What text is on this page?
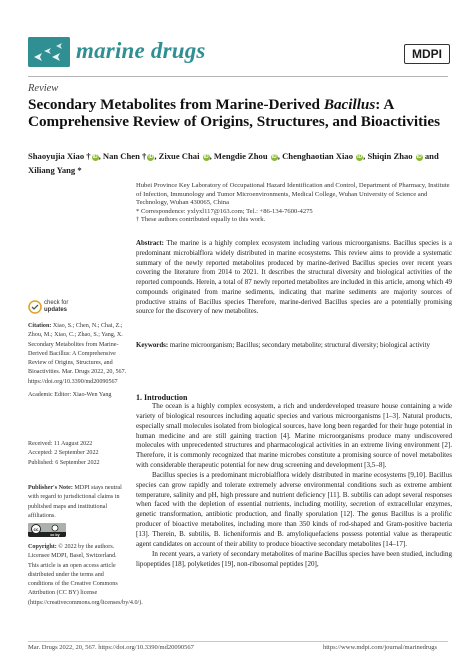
marine drugs	MDPI
Review
Secondary Metabolites from Marine-Derived Bacillus: A Comprehensive Review of Origins, Structures, and Bioactivities
Shaoyujia Xiao † iD, Nan Chen † iD, Zixue Chai iD, Mengdie Zhou iD, Chenghaotian Xiao iD, Shiqin Zhao iD and Xiliang Yang *

Hubei Province Key Laboratory of Occupational Hazard Identification and Control, Department of Pharmacy, Institute of Infection, Immunology and Tumor Microenvironments, Medical College, Wuhan University of Science and Technology, Wuhan 430065, China

* Correspondence: yxlyxl117@163.com; Tel.: +86-134-7600-4275

† These authors contributed equally to this work.

Abstract: The marine is a highly complex ecosystem including various microorganisms. Bacillus species is a predominant microbialflora widely distributed in marine ecosystems. This review aims to provide a systematic summary of the newly reported metabolites produced by marine-derived Bacillus species over recent years covering the literature from 2014 to 2021. It describes the structural diversity and biological activities of the reported compounds. Herein, a total of 87 newly reported metabolites are included in this article, among which 49 compounds originated from marine sediments, indicating that marine sediments are majority sources of productive strains of Bacillus species Therefore, marine-derived Bacillus species are a potentially promising source for the discovery of new metabolites.
Keywords: marine microorganism; Bacillus; secondary metabolite; structural diversity; biological activity
1. Introduction

The ocean is a highly complex ecosystem, a rich and underdeveloped treasure house containing a wide variety of biological resources including aquatic species and various microorganisms [1–3]. Natural products, especially small molecules isolated from biological sources, have long been regarded for their huge potential in human medicine and are still gaining traction [4]. Marine microorganisms produce many undiscovered molecules with unprecedented structures and pharmacological activities in an extreme living environment [2]. Therefore, it is commonly recognized that marine microbes constitute a promising source of novel metabolites with considerable therapeutic potential for new drug screening and development [3,5–8].

Bacillus species is a predominant microbialflora widely distributed in marine ecosystems [9,10]. Bacillus species can grow rapidly and tolerate extremely adverse environmental conditions such as extreme ambient temperature, salinity and pH, high pressure and nutrient deficiency [11]. B. subtilis can adopt several responses when faced with the depletion of essential nutrients, including motility, secretion of extracellular enzymes, genetic transformation, antibiotic production, and finally sporulation [12]. The genus Bacillus is a prolific producer of bioactive metabolites, including more than 350 kinds of rod-shaped and Gram-positive bacteria [13]. Therein, B. subtilis, B. licheniformis and B. amyloliquefaciens possess potential value as therapeutic agent candidates on account of their ability to produce bioactive secondary metabolites [14–17].

In recent years, a variety of secondary metabolites of marine Bacillus species have been studied, including lipopeptides [18], polyketides [19], non-ribosomal peptides [20],

check for
updates
Citation: Xiao, S.; Chen, N.; Chai, Z.; Zhou, M.; Xiao, C.; Zhao, S.; Yang, X. Secondary Metabolites from Marine-Derived Bacillus: A Comprehensive Review of Origins, Structures, and Bioactivities. Mar. Drugs 2022, 20, 567. https://doi.org/10.3390/md20090567
Academic Editor: Xiao-Wen Yang
Received: 11 August 2022
Accepted: 2 September 2022
Published: 6 September 2022
Publisher's Note: MDPI stays neutral with regard to jurisdictional claims in published maps and institutional affiliations.
cc
cc by
Copyright: © 2022 by the authors. Licensee MDPI, Basel, Switzerland. This article is an open access article distributed under the terms and conditions of the Creative Commons Attribution (CC BY) license (https://creativecommons.org/licenses/by/4.0/).
Mar. Drugs 2022, 20, 567. https://doi.org/10.3390/md20090567	https://www.mdpi.com/journal/marinedrugs
